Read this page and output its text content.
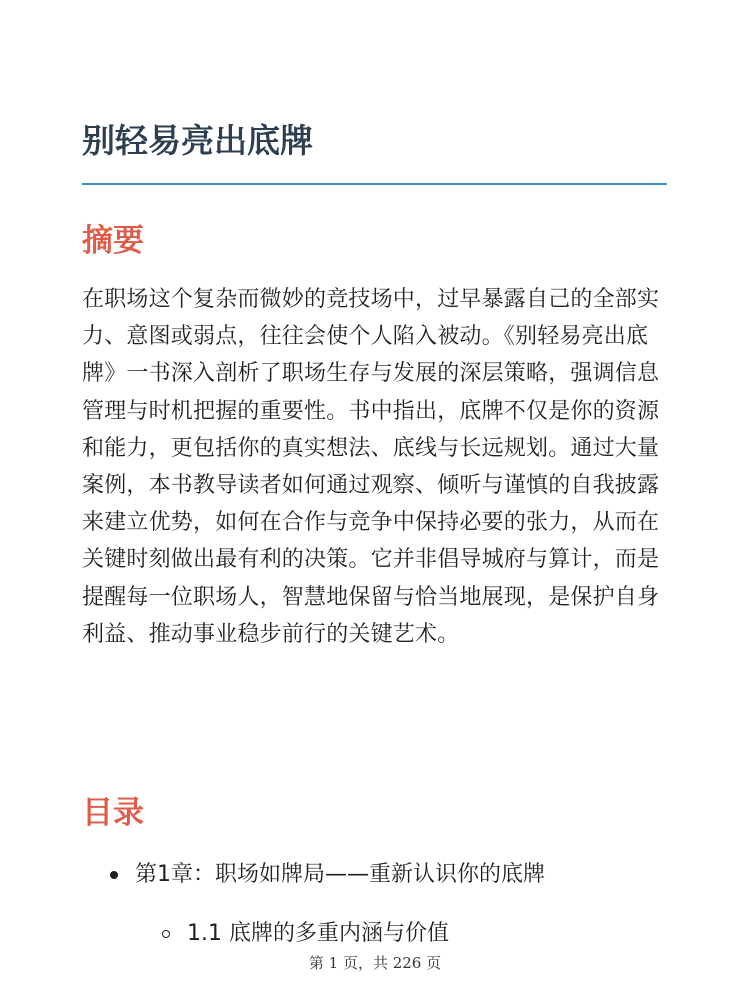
别轻易亮出底牌
摘要

在职场这个复杂而微妙的竞技场中，过早暴露自己的全部实力、意图或弱点，往往会使个人陷入被动。《别轻易亮出底牌》一书深入剖析了职场生存与发展的深层策略，强调信息管理与时机把握的重要性。书中指出，底牌不仅是你的资源和能力，更包括你的真实想法、底线与长远规划。通过大量案例，本书教导读者如何通过观察、倾听与谨慎的自我披露来建立优势，如何在合作与竞争中保持必要的张力，从而在关键时刻做出最有利的决策。它并非倡导城府与算计，而是提醒每一位职场人，智慧地保留与恰当地展现，是保护自身利益、推动事业稳步前行的关键艺术。

目录
第1章：职场如牌局——重新认识你的底牌
1.1 底牌的多重内涵与价值
第 1 页，共 226 页
